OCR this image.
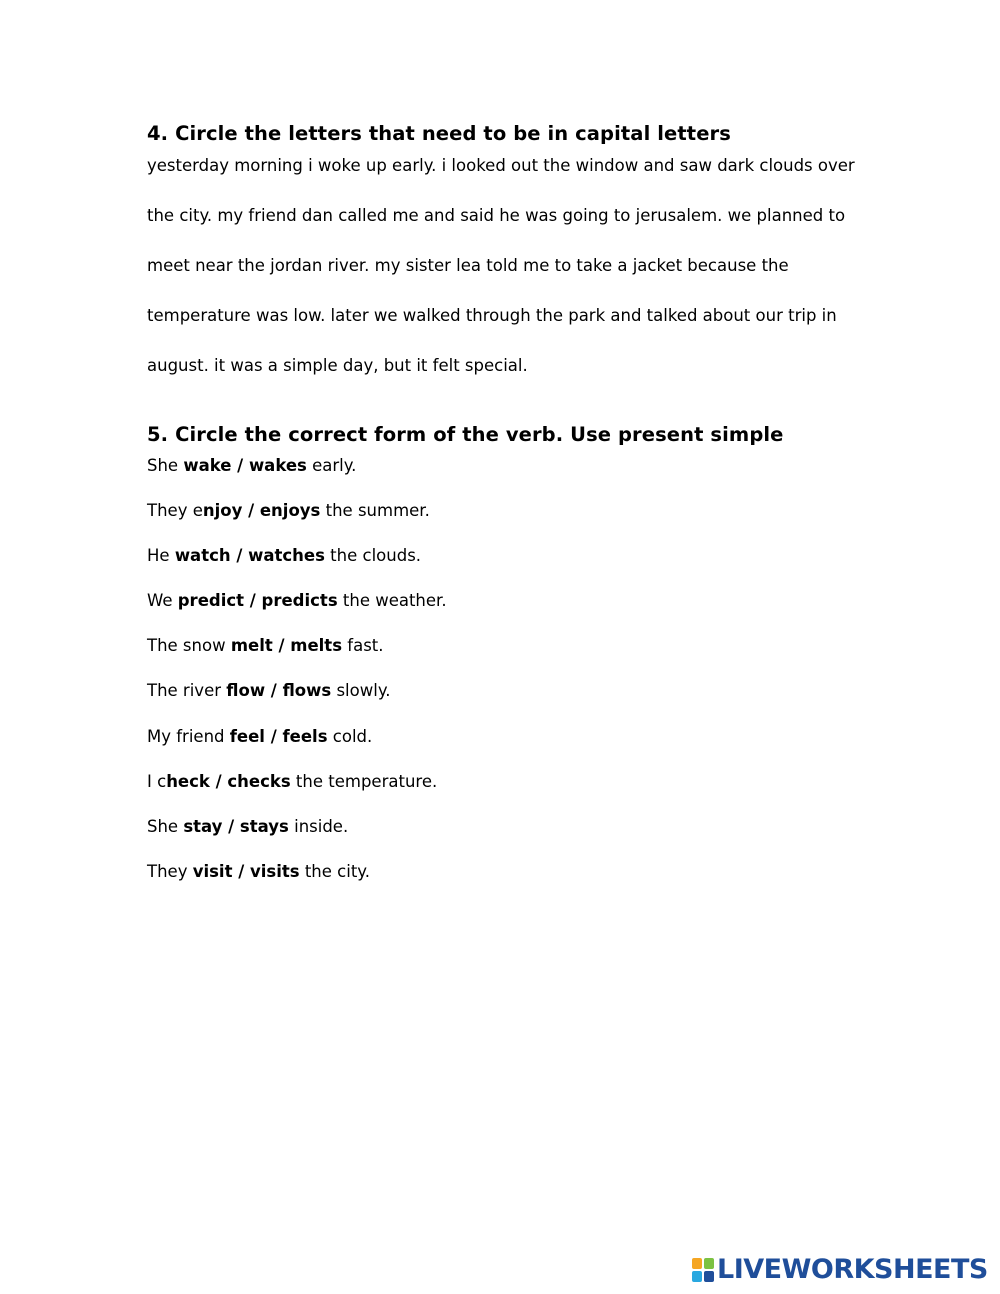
4. Circle the letters that need to be in capital letters
yesterday morning i woke up early. i looked out the window and saw dark clouds over
the city. my friend dan called me and said he was going to jerusalem. we planned to
meet near the jordan river. my sister lea told me to take a jacket because the
temperature was low. later we walked through the park and talked about our trip in
august. it was a simple day, but it felt special.
5. Circle the correct form of the verb. Use present simple
She wake / wakes early.
They enjoy / enjoys the summer.
He watch / watches the clouds.
We predict / predicts the weather.
The snow melt / melts fast.
The river flow / flows slowly.
My friend feel / feels cold.
I check / checks the temperature.
She stay / stays inside.
They visit / visits the city.
LIVEWORKSHEETS
